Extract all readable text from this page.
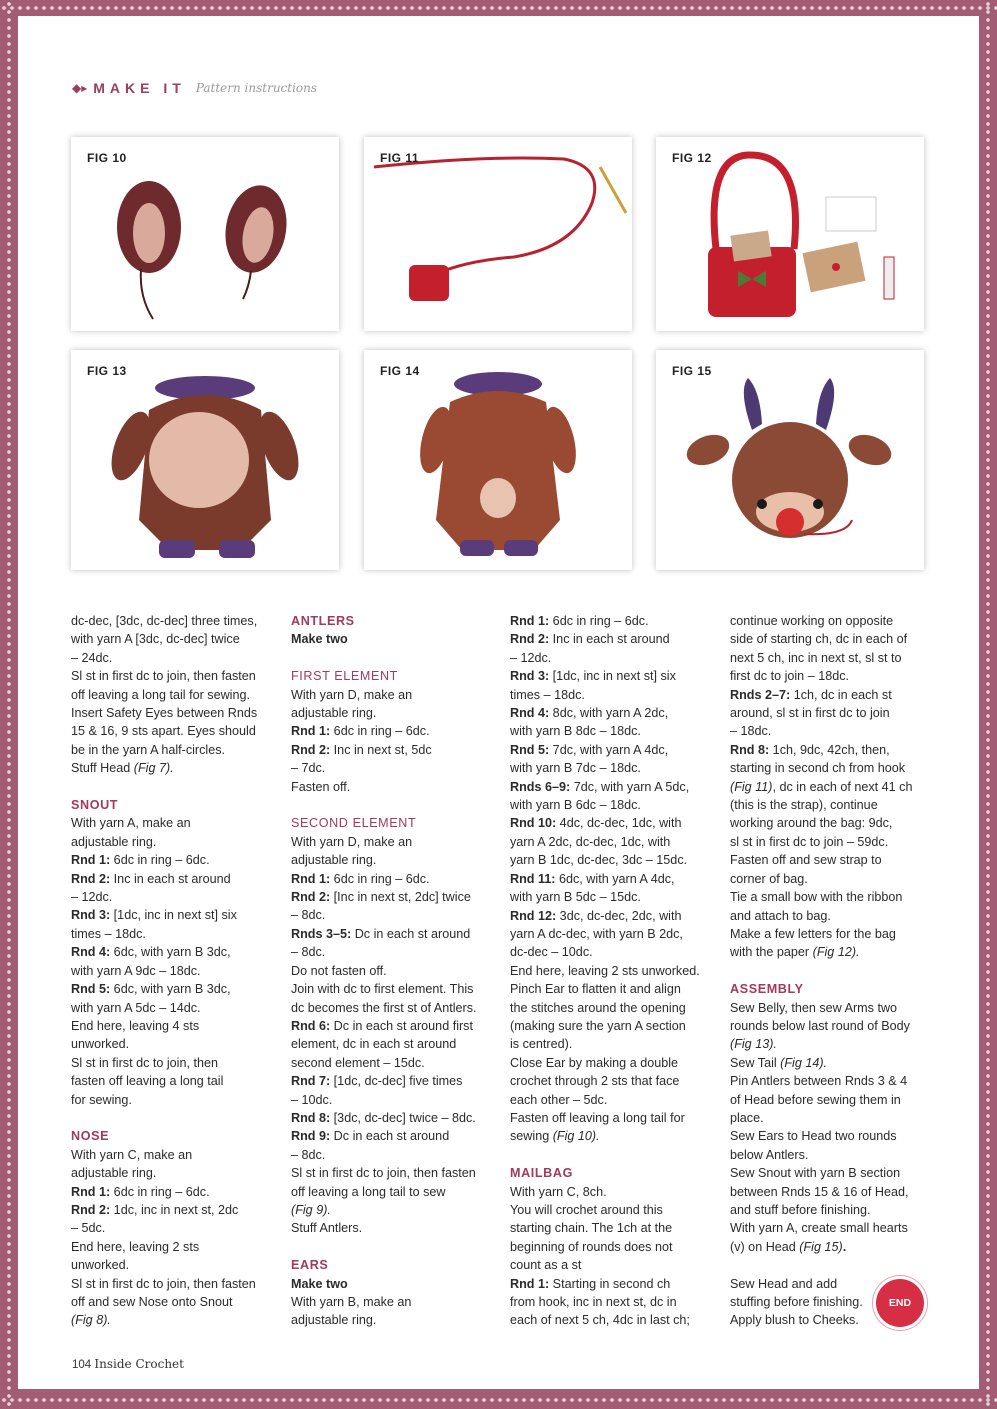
◆▸ MAKE IT Pattern instructions
FIG 10	FIG 11	FIG 12
FIG 13	FIG 14	FIG 15

dc-dec, [3dc, dc-dec] three times,

with yarn A [3dc, dc-dec] twice

– 24dc.

Sl st in first dc to join, then fasten

off leaving a long tail for sewing.

Insert Safety Eyes between Rnds

15 & 16, 9 sts apart. Eyes should

be in the yarn A half-circles.

Stuff Head (Fig 7).

SNOUT

With yarn A, make an

adjustable ring.

Rnd 1: 6dc in ring – 6dc.

Rnd 2: Inc in each st around

– 12dc.

Rnd 3: [1dc, inc in next st] six

times – 18dc.

Rnd 4: 6dc, with yarn B 3dc,

with yarn A 9dc – 18dc.

Rnd 5: 6dc, with yarn B 3dc,

with yarn A 5dc – 14dc.

End here, leaving 4 sts

unworked.

Sl st in first dc to join, then

fasten off leaving a long tail

for sewing.

NOSE

With yarn C, make an

adjustable ring.

Rnd 1: 6dc in ring – 6dc.

Rnd 2: 1dc, inc in next st, 2dc

– 5dc.

End here, leaving 2 sts

unworked.

Sl st in first dc to join, then fasten

off and sew Nose onto Snout

(Fig 8).

ANTLERS

Make two

FIRST ELEMENT

With yarn D, make an

adjustable ring.

Rnd 1: 6dc in ring – 6dc.

Rnd 2: Inc in next st, 5dc

– 7dc.

Fasten off.

SECOND ELEMENT

With yarn D, make an

adjustable ring.

Rnd 1: 6dc in ring – 6dc.

Rnd 2: [Inc in next st, 2dc] twice

– 8dc.

Rnds 3–5: Dc in each st around

– 8dc.

Do not fasten off.

Join with dc to first element. This

dc becomes the first st of Antlers.

Rnd 6: Dc in each st around first

element, dc in each st around

second element – 15dc.

Rnd 7: [1dc, dc-dec] five times

– 10dc.

Rnd 8: [3dc, dc-dec] twice – 8dc.

Rnd 9: Dc in each st around

– 8dc.

Sl st in first dc to join, then fasten

off leaving a long tail to sew

(Fig 9).

Stuff Antlers.

EARS

Make two

With yarn B, make an

adjustable ring.

Rnd 1: 6dc in ring – 6dc.

Rnd 2: Inc in each st around

– 12dc.

Rnd 3: [1dc, inc in next st] six

times – 18dc.

Rnd 4: 8dc, with yarn A 2dc,

with yarn B 8dc – 18dc.

Rnd 5: 7dc, with yarn A 4dc,

with yarn B 7dc – 18dc.

Rnds 6–9: 7dc, with yarn A 5dc,

with yarn B 6dc – 18dc.

Rnd 10: 4dc, dc-dec, 1dc, with

yarn A 2dc, dc-dec, 1dc, with

yarn B 1dc, dc-dec, 3dc – 15dc.

Rnd 11: 6dc, with yarn A 4dc,

with yarn B 5dc – 15dc.

Rnd 12: 3dc, dc-dec, 2dc, with

yarn A dc-dec, with yarn B 2dc,

dc-dec – 10dc.

End here, leaving 2 sts unworked.

Pinch Ear to flatten it and align

the stitches around the opening

(making sure the yarn A section

is centred).

Close Ear by making a double

crochet through 2 sts that face

each other – 5dc.

Fasten off leaving a long tail for

sewing (Fig 10).

MAILBAG

With yarn C, 8ch.

You will crochet around this

starting chain. The 1ch at the

beginning of rounds does not

count as a st

Rnd 1: Starting in second ch

from hook, inc in next st, dc in

each of next 5 ch, 4dc in last ch;

continue working on opposite

side of starting ch, dc in each of

next 5 ch, inc in next st, sl st to

first dc to join – 18dc.

Rnds 2–7: 1ch, dc in each st

around, sl st in first dc to join

– 18dc.

Rnd 8: 1ch, 9dc, 42ch, then,

starting in second ch from hook

(Fig 11), dc in each of next 41 ch

(this is the strap), continue

working around the bag: 9dc,

sl st in first dc to join – 59dc.

Fasten off and sew strap to

corner of bag.

Tie a small bow with the ribbon

and attach to bag.

Make a few letters for the bag

with the paper (Fig 12).

ASSEMBLY

Sew Belly, then sew Arms two

rounds below last round of Body

(Fig 13).

Sew Tail (Fig 14).

Pin Antlers between Rnds 3 & 4

of Head before sewing them in

place.

Sew Ears to Head two rounds

below Antlers.

Sew Snout with yarn B section

between Rnds 15 & 16 of Head,

and stuff before finishing.

With yarn A, create small hearts

(v) on Head (Fig 15).

Sew Head and add

stuffing before finishing.

Apply blush to Cheeks.

END
104 Inside Crochet
